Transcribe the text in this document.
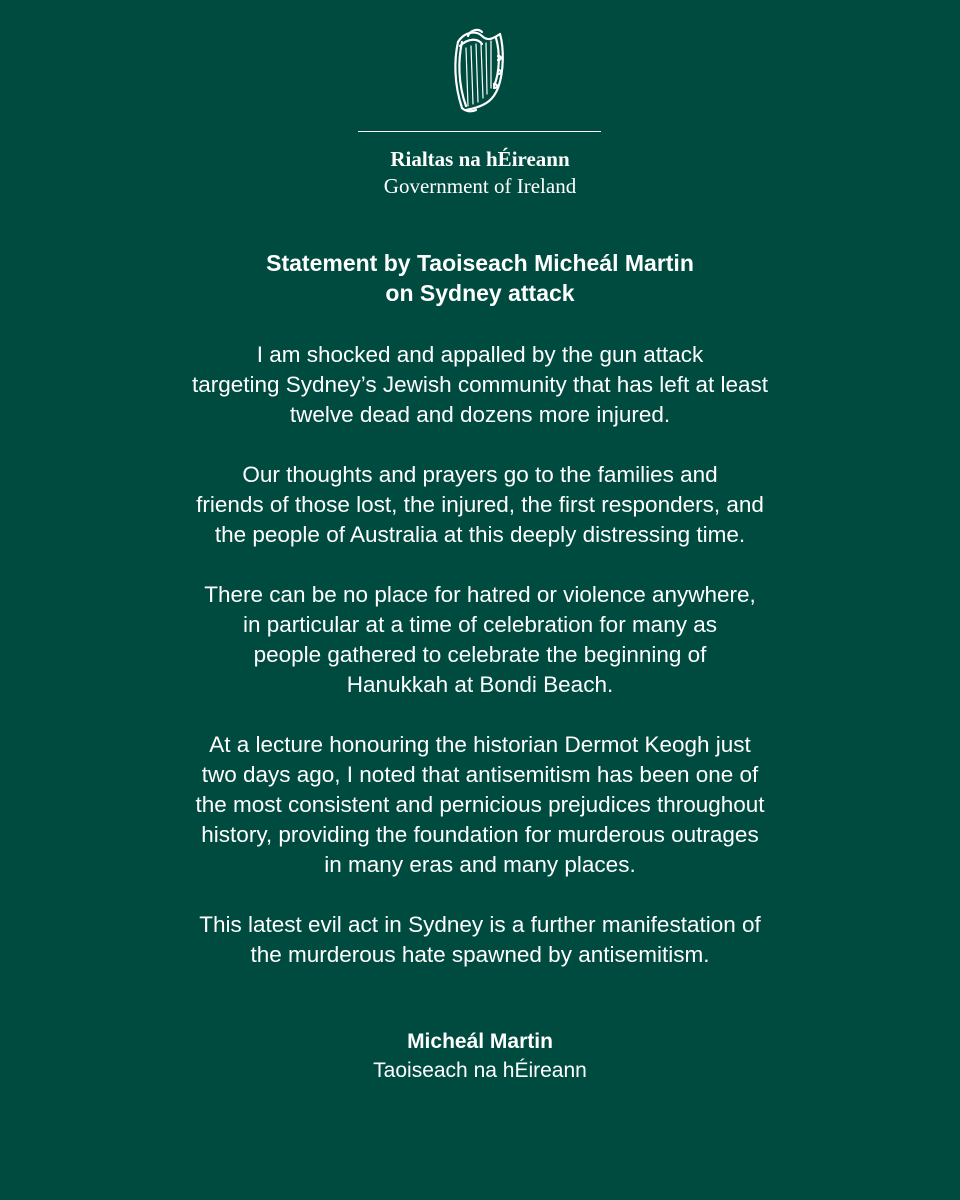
Rialtas na hÉireann
Government of Ireland
Statement by Taoiseach Micheál Martin
on Sydney attack
I am shocked and appalled by the gun attack
targeting Sydney’s Jewish community that has left at least
twelve dead and dozens more injured.
Our thoughts and prayers go to the families and
friends of those lost, the injured, the first responders, and
the people of Australia at this deeply distressing time.
There can be no place for hatred or violence anywhere,
in particular at a time of celebration for many as
people gathered to celebrate the beginning of
Hanukkah at Bondi Beach.
At a lecture honouring the historian Dermot Keogh just
two days ago, I noted that antisemitism has been one of
the most consistent and pernicious prejudices throughout
history, providing the foundation for murderous outrages
in many eras and many places.
This latest evil act in Sydney is a further manifestation of
the murderous hate spawned by antisemitism.
Micheál Martin
Taoiseach na hÉireann
